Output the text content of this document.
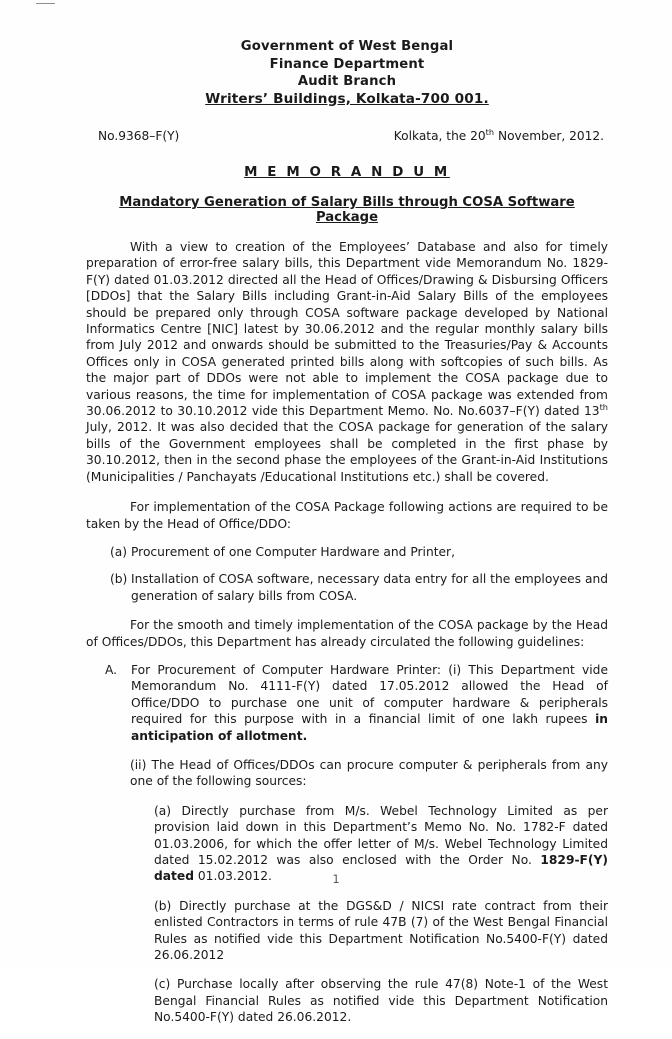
Government of West Bengal
Finance Department
Audit Branch
Writers’ Buildings, Kolkata-700 001.
No.9368–F(Y)	Kolkata, the 20th November, 2012.
M E M O R A N D U M
Mandatory Generation of Salary Bills through COSA Software Package
With a view to creation of the Employees’ Database and also for timely preparation of error-free salary bills, this Department vide Memorandum No. 1829-F(Y) dated 01.03.2012 directed all the Head of Offices/Drawing & Disbursing Officers [DDOs] that the Salary Bills including Grant-in-Aid Salary Bills of the employees should be prepared only through COSA software package developed by National Informatics Centre [NIC] latest by 30.06.2012 and the regular monthly salary bills from July 2012 and onwards should be submitted to the Treasuries/Pay & Accounts Offices only in COSA generated printed bills along with softcopies of such bills. As the major part of DDOs were not able to implement the COSA package due to various reasons, the time for implementation of COSA package was extended from 30.06.2012 to 30.10.2012 vide this Department Memo. No. No.6037–F(Y) dated 13th July, 2012. It was also decided that the COSA package for generation of the salary bills of the Government employees shall be completed in the first phase by 30.10.2012, then in the second phase the employees of the Grant-in-Aid Institutions (Municipalities / Panchayats /Educational Institutions etc.) shall be covered.
For implementation of the COSA Package following actions are required to be taken by the Head of Office/DDO:
(a) Procurement of one Computer Hardware and Printer,
(b) Installation of COSA software, necessary data entry for all the employees and generation of salary bills from COSA.
For the smooth and timely implementation of the COSA package by the Head of Offices/DDOs, this Department has already circulated the following guidelines:
A. For Procurement of Computer Hardware Printer: (i) This Department vide Memorandum No. 4111-F(Y) dated 17.05.2012 allowed the Head of Office/DDO to purchase one unit of computer hardware & peripherals required for this purpose with in a financial limit of one lakh rupees in anticipation of allotment.
(ii) The Head of Offices/DDOs can procure computer & peripherals from any one of the following sources:
(a) Directly purchase from M/s. Webel Technology Limited as per provision laid down in this Department’s Memo No. No. 1782-F dated 01.03.2006, for which the offer letter of M/s. Webel Technology Limited dated 15.02.2012 was also enclosed with the Order No. 1829-F(Y) dated 01.03.2012.
(b) Directly purchase at the DGS&D / NICSI rate contract from their enlisted Contractors in terms of rule 47B (7) of the West Bengal Financial Rules as notified vide this Department Notification No.5400-F(Y) dated 26.06.2012
(c) Purchase locally after observing the rule 47(8) Note-1 of the West Bengal Financial Rules as notified vide this Department Notification No.5400-F(Y) dated 26.06.2012.
1
